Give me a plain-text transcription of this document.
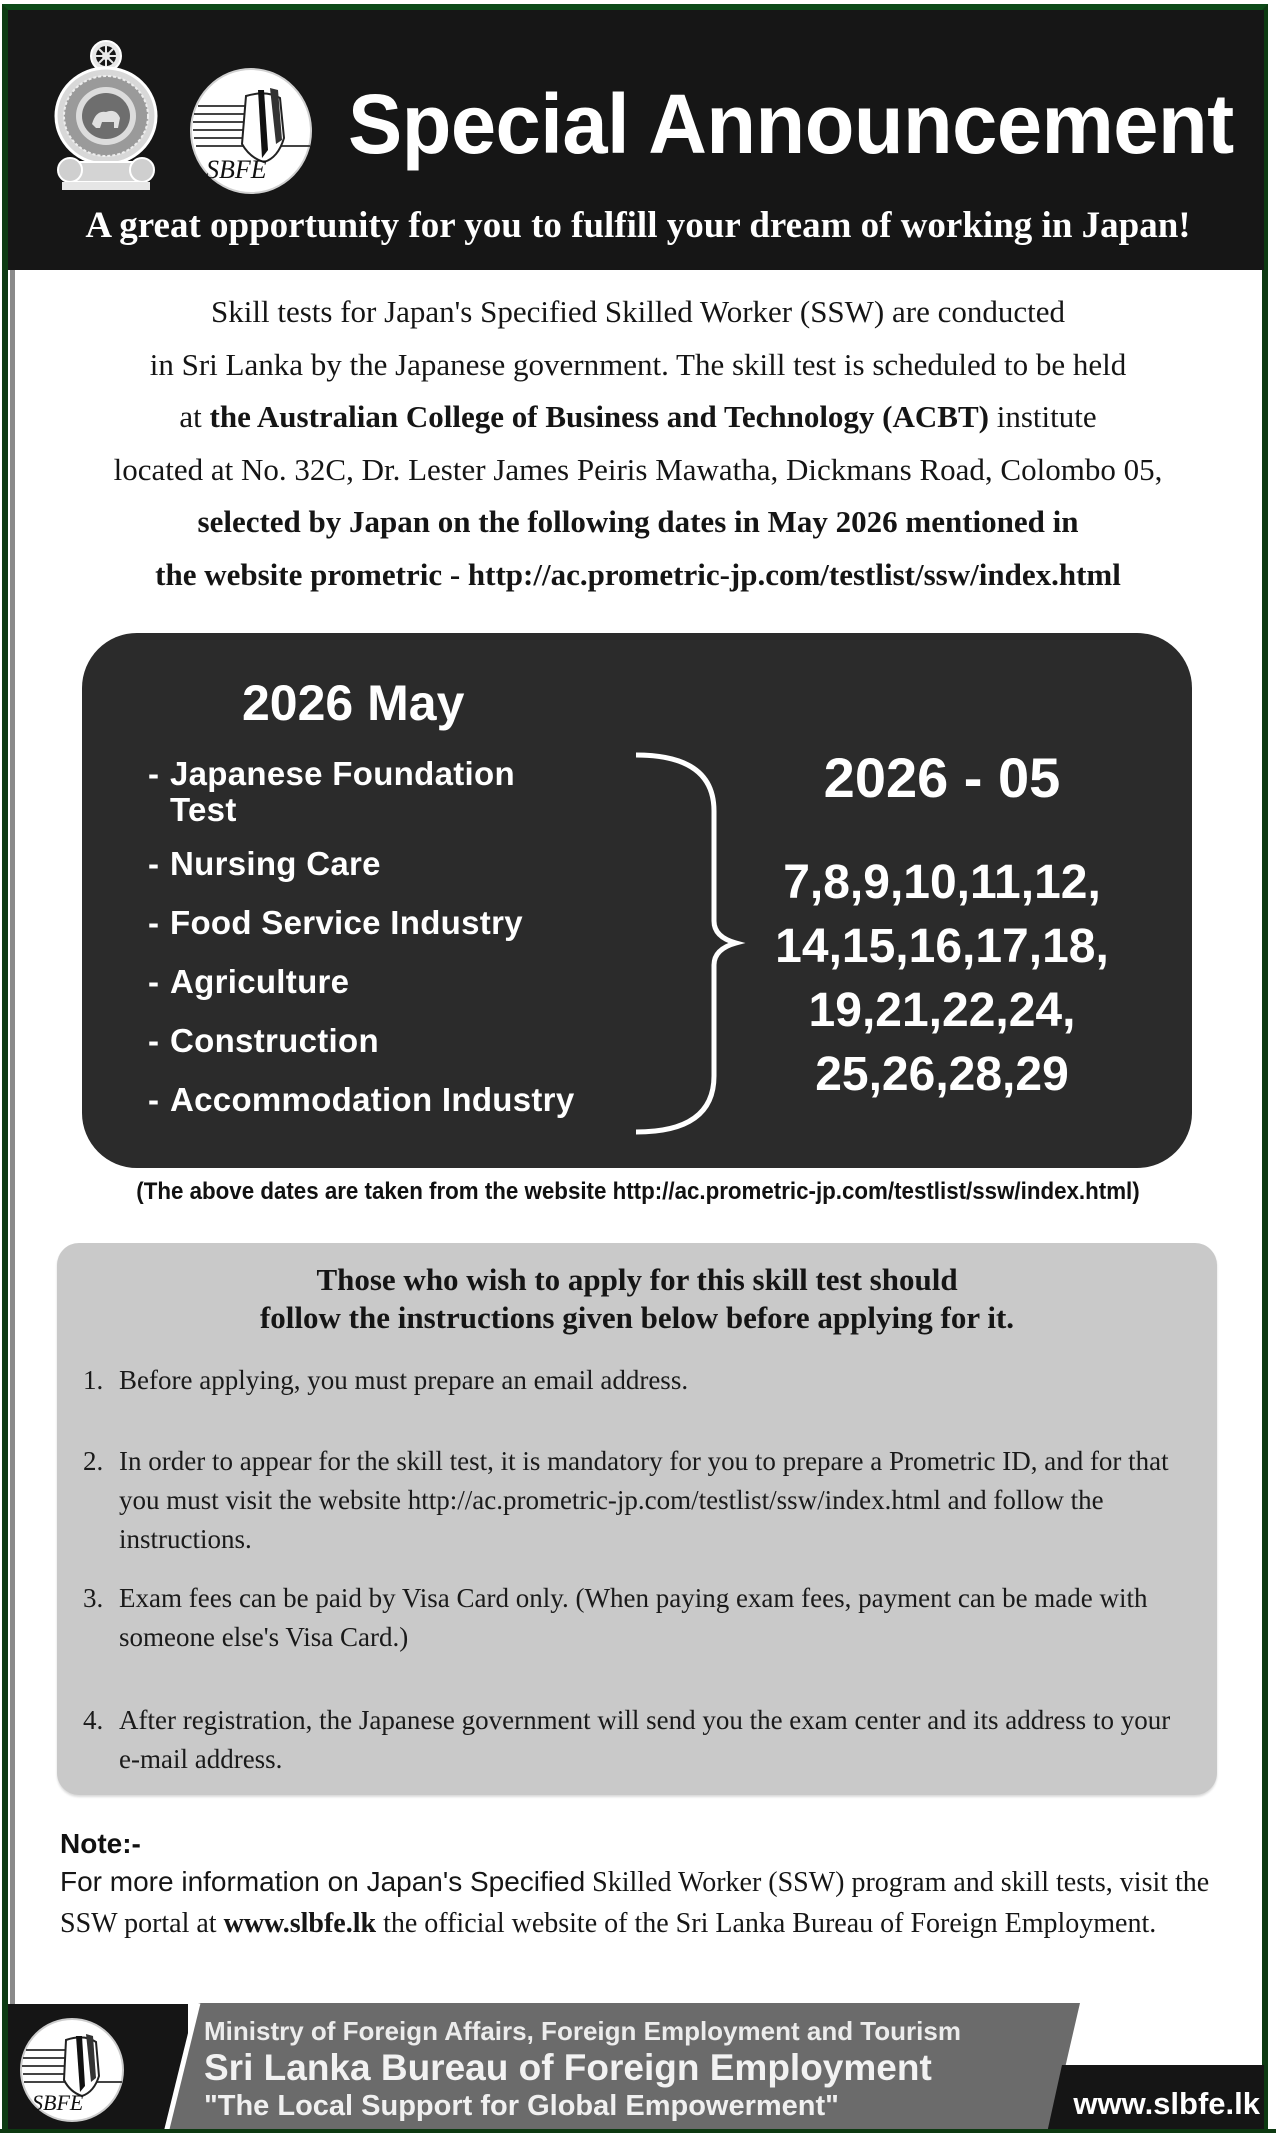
SBFE Special Announcement
A great opportunity for you to fulfill your dream of working in Japan!
Skill tests for Japan's Specified Skilled Worker (SSW) are conducted
in Sri Lanka by the Japanese government. The skill test is scheduled to be held
at the Australian College of Business and Technology (ACBT) institute
located at No. 32C, Dr. Lester James Peiris Mawatha, Dickmans Road, Colombo 05,
selected by Japan on the following dates in May 2026 mentioned in
the website prometric - http://ac.prometric-jp.com/testlist/ssw/index.html
2026 May
- Japanese Foundation
Test
- Nursing Care
- Food Service Industry
- Agriculture
- Construction
- Accommodation Industry
2026 - 05
7,8,9,10,11,12,
14,15,16,17,18,
19,21,22,24,
25,26,28,29
(The above dates are taken from the website http://ac.prometric-jp.com/testlist/ssw/index.html)
Those who wish to apply for this skill test should
follow the instructions given below before applying for it.
1. Before applying, you must prepare an email address.
2. In order to appear for the skill test, it is mandatory for you to prepare a Prometric ID, and for that you must visit the website http://ac.prometric-jp.com/testlist/ssw/index.html and follow the instructions.
3. Exam fees can be paid by Visa Card only. (When paying exam fees, payment can be made with someone else's Visa Card.)
4. After registration, the Japanese government will send you the exam center and its address to your e-mail address.
Note:-
For more information on Japan's Specified Skilled Worker (SSW) program and skill tests, visit the SSW portal at www.slbfe.lk the official website of the Sri Lanka Bureau of Foreign Employment.
SBFE
Ministry of Foreign Affairs, Foreign Employment and Tourism
Sri Lanka Bureau of Foreign Employment
"The Local Support for Global Empowerment"	www.slbfe.lk
